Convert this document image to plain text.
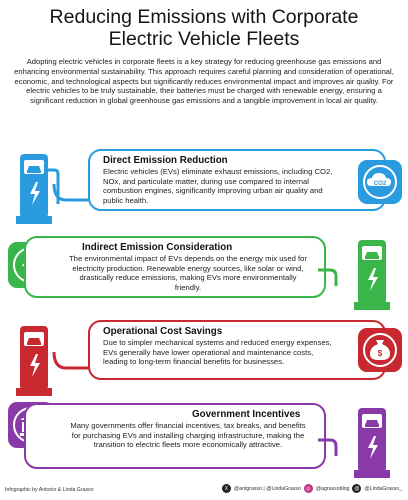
Reducing Emissions with Corporate
Electric Vehicle Fleets
Adopting electric vehicles in corporate fleets is a key strategy for reducing greenhouse gas emissions and enhancing environmental sustainability. This approach requires careful planning and consideration of operational, economic, and technological aspects but significantly reduces environmental impact and improves air quality. For electric vehicles to be truly sustainable, their batteries must be charged with renewable energy, ensuring a significant reduction in global greenhouse gas emissions and a tangible improvement in local air quality.
Direct Emission Reduction
Electric vehicles (EVs) eliminate exhaust emissions, including CO2, NOx, and particulate matter, during use compared to internal combustion engines, significantly improving urban air quality and public health.
CO2
Indirect Emission Consideration
The environmental impact of EVs depends on the energy mix used for electricity production. Renewable energy sources, like solar or wind, drastically reduce emissions, making EVs more environmentally friendly.
Operational Cost Savings
Due to simpler mechanical systems and reduced energy expenses, EVs generally have lower operational and maintenance costs, leading to long-term financial benefits for businesses.
$
Government Incentives
Many governments offer financial incentives, tax breaks, and benefits for purchasing EVs and installing charging infrastructure, making the transition to electric fleets more economically attractive.
Infographic by Antonio & Linda Grasso	X	@antgrasso | @LindaGrasso	◎	@agrassoblog @ @LindaGrasso_
